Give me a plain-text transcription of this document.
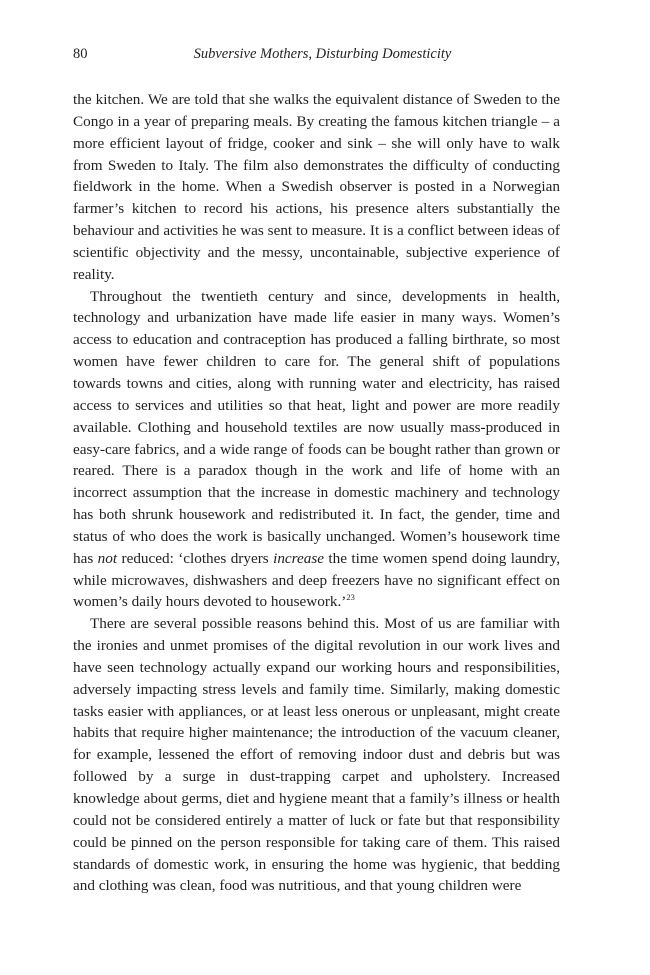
80	Subversive Mothers, Disturbing Domesticity

the kitchen. We are told that she walks the equivalent distance of Sweden to the Congo in a year of preparing meals. By creating the famous kitchen triangle – a more efficient layout of fridge, cooker and sink – she will only have to walk from Sweden to Italy. The film also demonstrates the difficulty of conducting fieldwork in the home. When a Swedish observer is posted in a Norwegian farmer’s kitchen to record his actions, his presence alters substantially the behaviour and activities he was sent to measure. It is a conflict between ideas of scientific objectivity and the messy, uncontainable, subjective experience of reality.

Throughout the twentieth century and since, developments in health, technology and urbanization have made life easier in many ways. Women’s access to education and contraception has produced a falling birthrate, so most women have fewer children to care for. The general shift of populations towards towns and cities, along with running water and electricity, has raised access to services and utilities so that heat, light and power are more readily available. Clothing and household textiles are now usually mass-produced in easy-care fabrics, and a wide range of foods can be bought rather than grown or reared. There is a paradox though in the work and life of home with an incorrect assumption that the increase in domestic machinery and technology has both shrunk housework and redistributed it. In fact, the gender, time and status of who does the work is basically unchanged. Women’s housework time has not reduced: ‘clothes dryers increase the time women spend doing laundry, while microwaves, dishwashers and deep freezers have no significant effect on women’s daily hours devoted to housework.’$^{23}$

There are several possible reasons behind this. Most of us are familiar with the ironies and unmet promises of the digital revolution in our work lives and have seen technology actually expand our working hours and responsibilities, adversely impacting stress levels and family time. Similarly, making domestic tasks easier with appliances, or at least less onerous or unpleasant, might create habits that require higher maintenance; the introduction of the vacuum cleaner, for example, lessened the effort of removing indoor dust and debris but was followed by a surge in dust-trapping carpet and upholstery. Increased knowledge about germs, diet and hygiene meant that a family’s illness or health could not be considered entirely a matter of luck or fate but that responsibility could be pinned on the person responsible for taking care of them. This raised standards of domestic work, in ensuring the home was hygienic, that bedding and clothing was clean, food was nutritious, and that young children were
